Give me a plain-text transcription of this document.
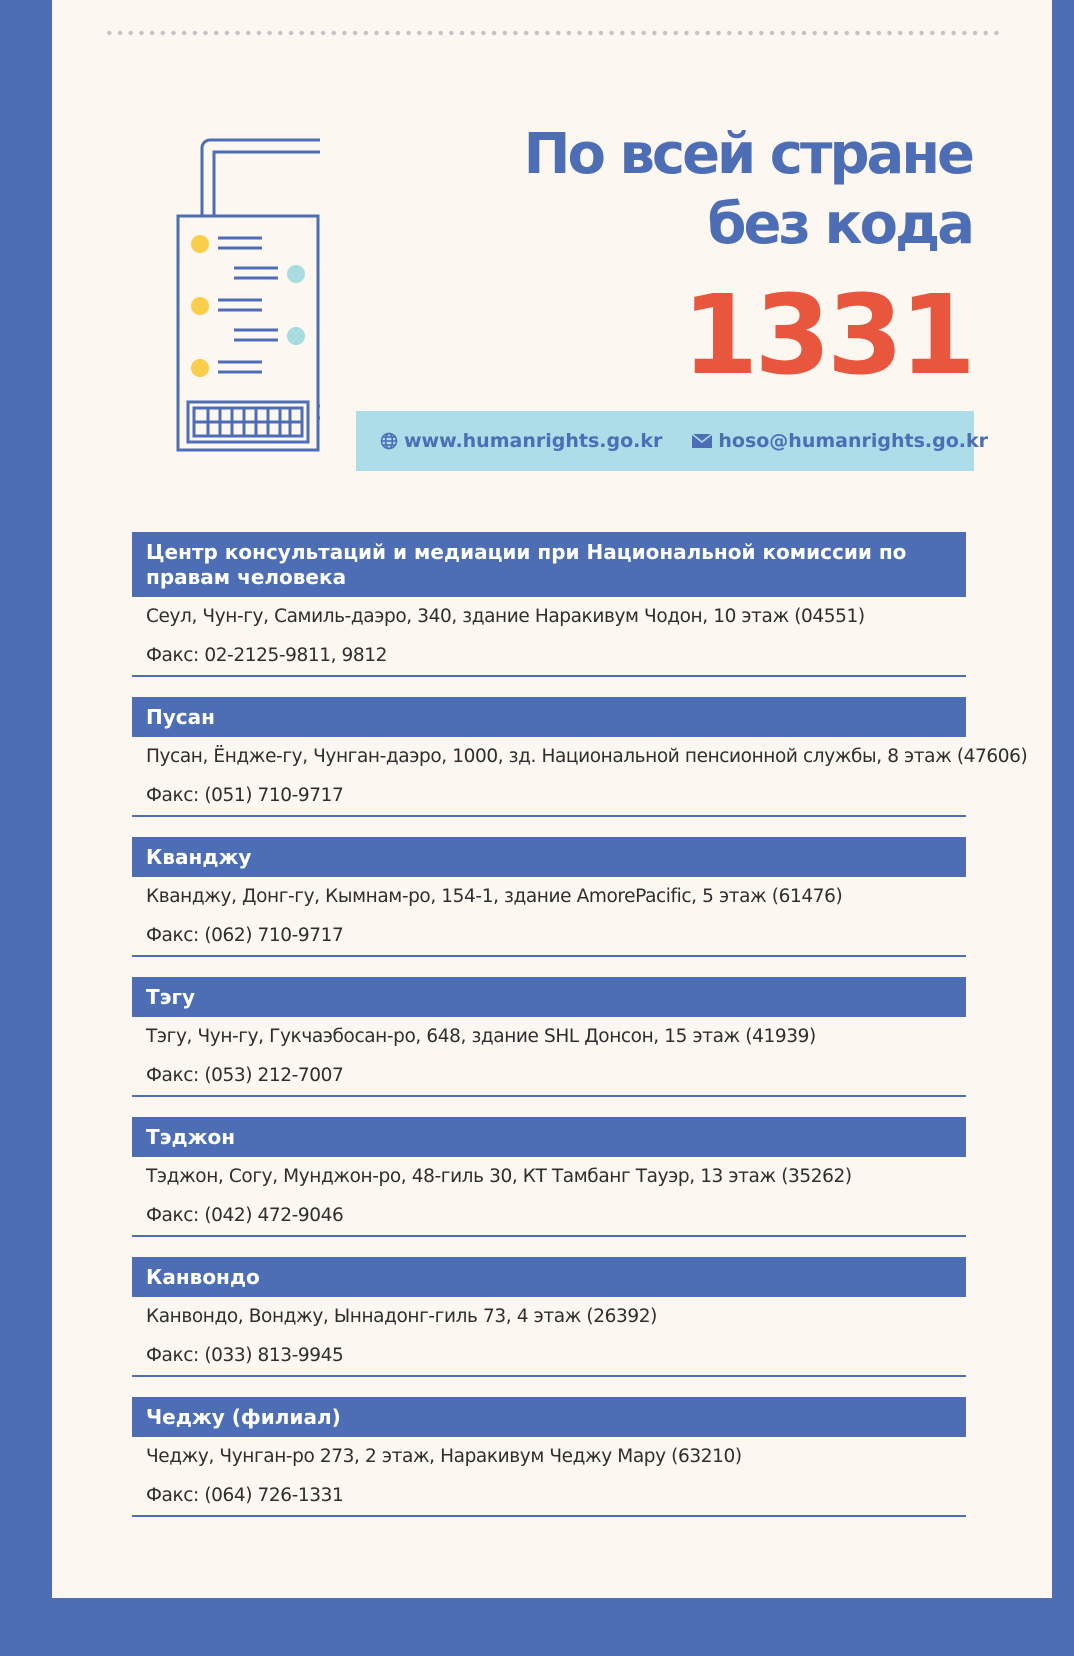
По всей стране
без кода
1331
www.humanrights.go.kr	hoso@humanrights.go.kr
Центр консультаций и медиации при Национальной комиссии по правам человека
Сеул, Чун-гу, Самиль-даэро, 340, здание Наракивум Чодон, 10 этаж (04551)
Факс: 02-2125-9811, 9812
Пусан
Пусан, Ёндже-гу, Чунган-даэро, 1000, зд. Национальной пенсионной службы, 8 этаж (47606)
Факс: (051) 710-9717
Кванджу
Кванджу, Донг-гу, Кымнам-ро, 154-1, здание AmorePacific, 5 этаж (61476)
Факс: (062) 710-9717
Тэгу
Тэгу, Чун-гу, Гукчаэбосан-ро, 648, здание SHL Донсон, 15 этаж (41939)
Факс: (053) 212-7007
Тэджон
Тэджон, Согу, Мунджон-ро, 48-гиль 30, КТ Тамбанг Тауэр, 13 этаж (35262)
Факс: (042) 472-9046
Канвондо
Канвондо, Вонджу, Ыннадонг-гиль 73, 4 этаж (26392)
Факс: (033) 813-9945
Чеджу (филиал)
Чеджу, Чунган-ро 273, 2 этаж, Наракивум Чеджу Мару (63210)
Факс: (064) 726-1331
